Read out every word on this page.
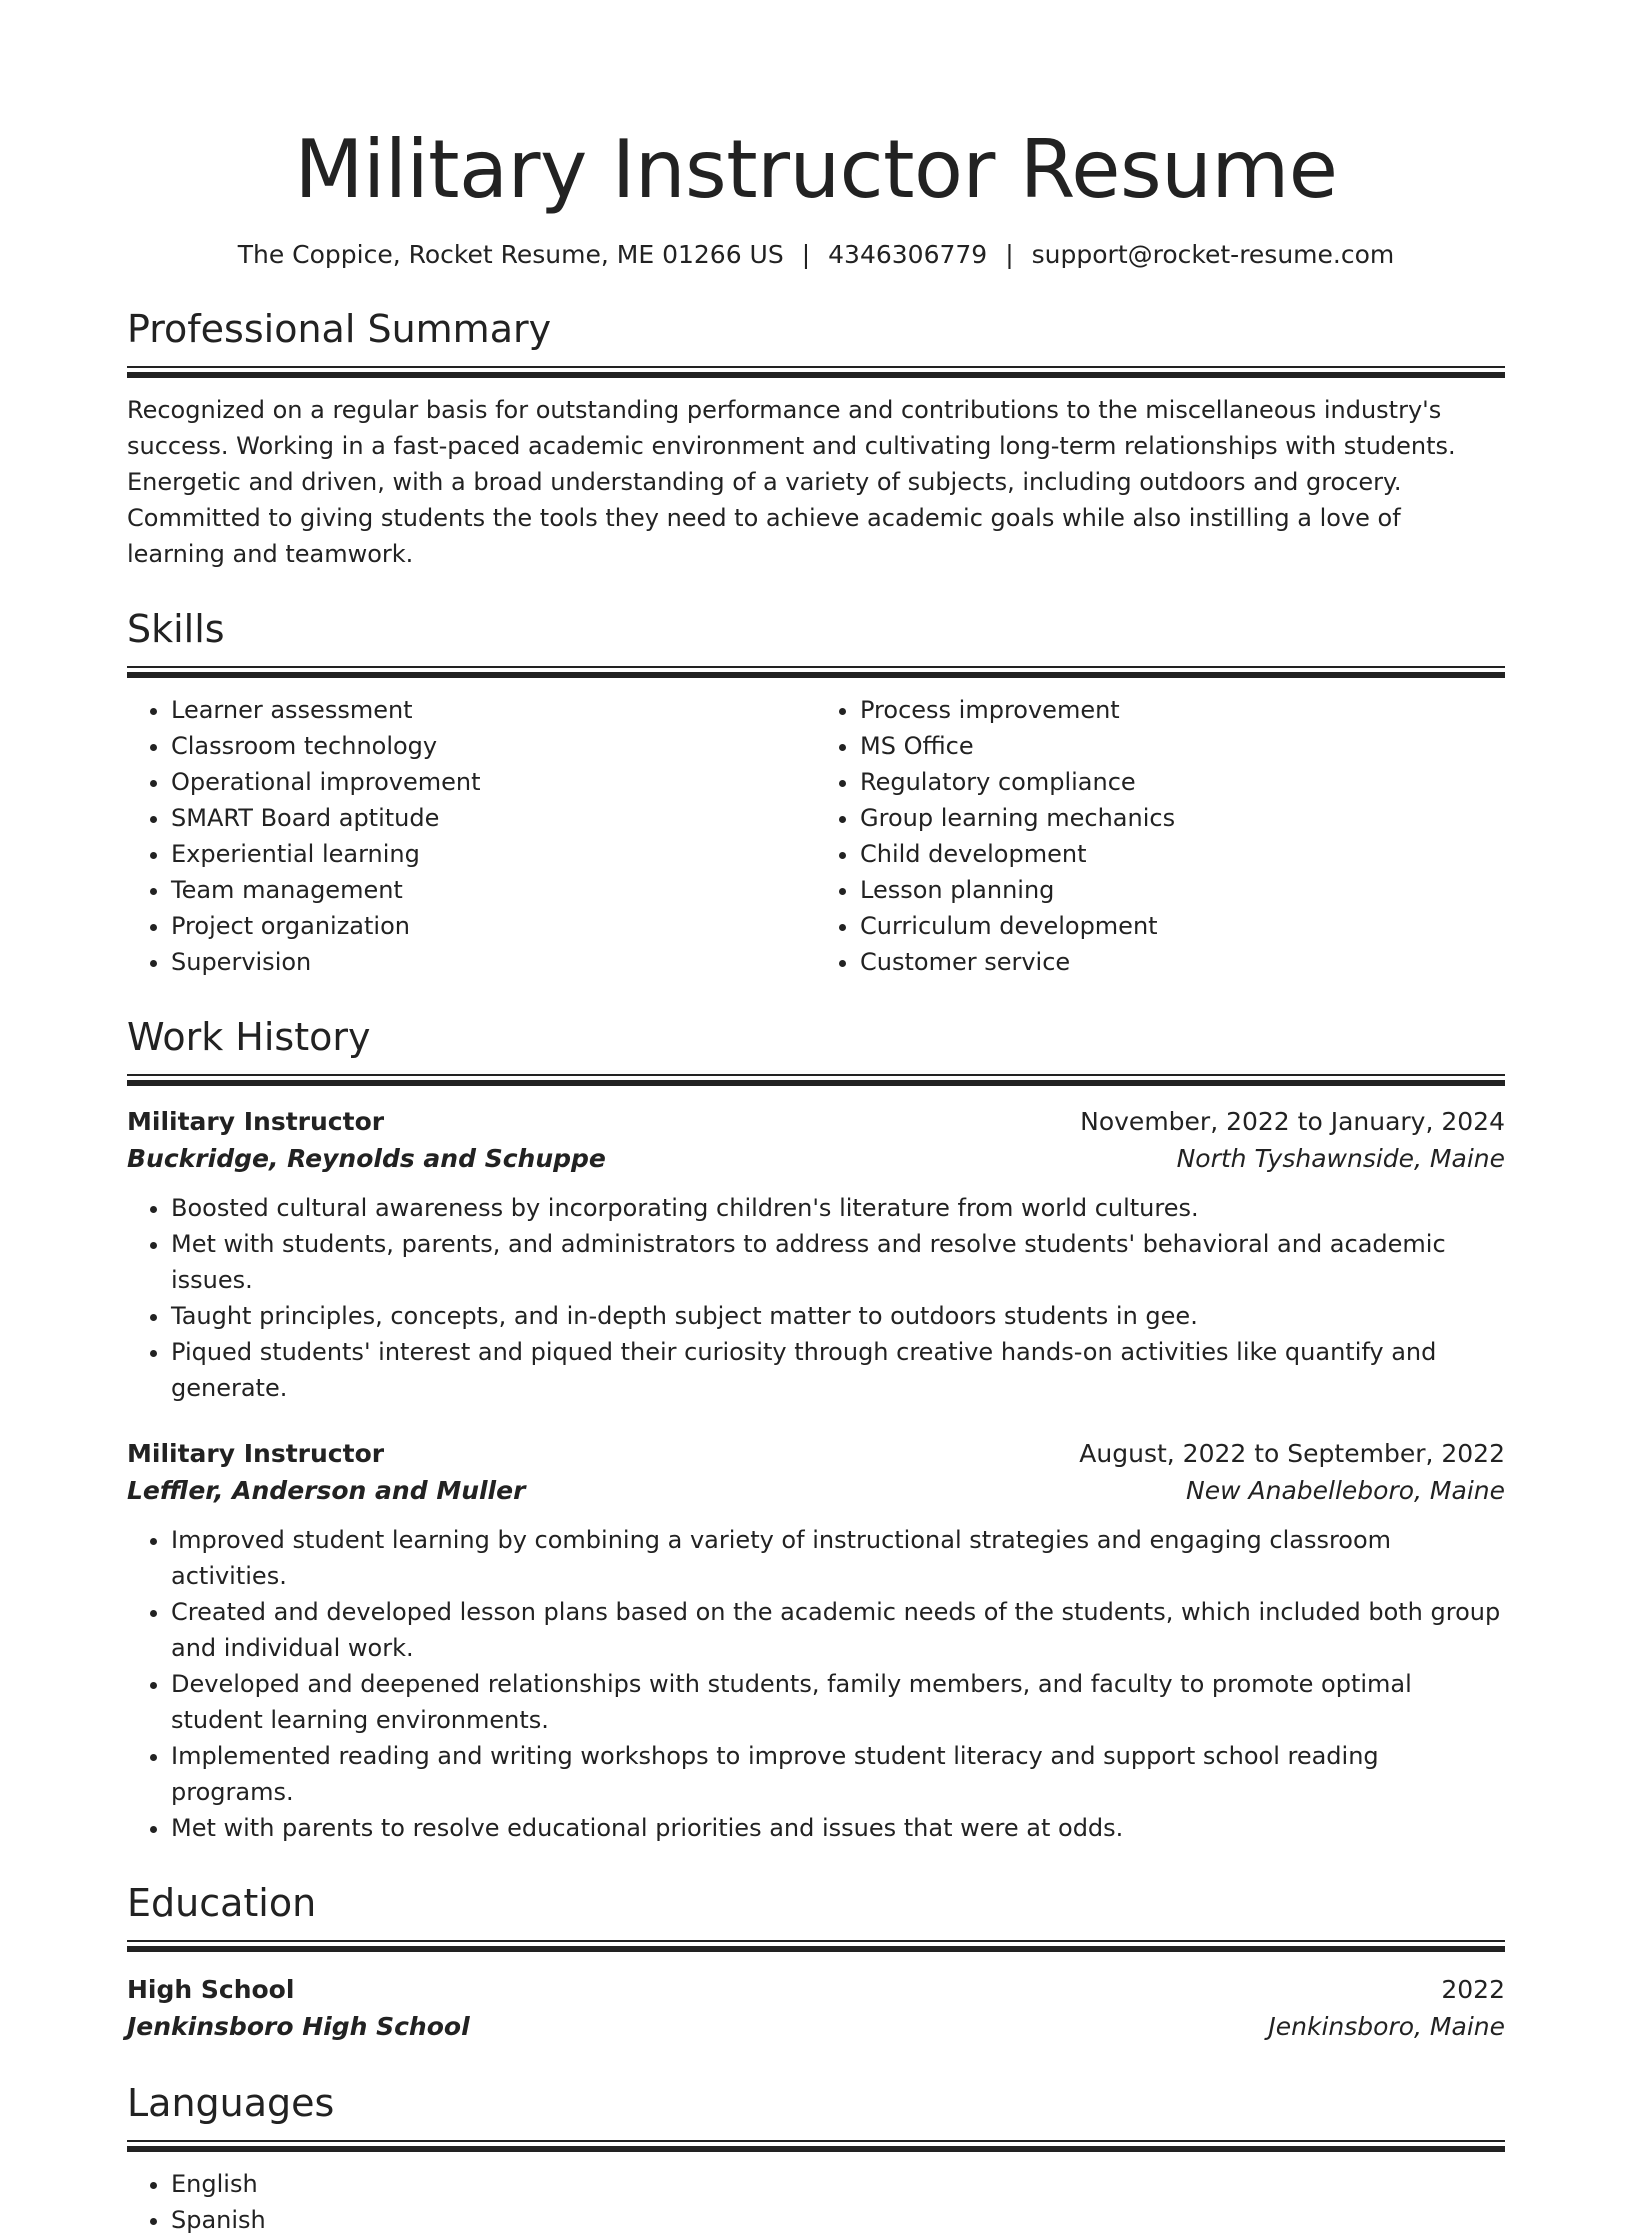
Military Instructor Resume
The Coppice, Rocket Resume, ME 01266 US | 4346306779 | support@rocket-resume.com
Professional Summary

Recognized on a regular basis for outstanding performance and contributions to the miscellaneous industry's success. Working in a fast-paced academic environment and cultivating long-term relationships with students. Energetic and driven, with a broad understanding of a variety of subjects, including outdoors and grocery. Committed to giving students the tools they need to achieve academic goals while also instilling a love of learning and teamwork.

Skills
• Learner assessment
• Classroom technology
• Operational improvement
• SMART Board aptitude
• Experiential learning
• Team management
• Project organization
• Supervision
• Process improvement
• MS Office
• Regulatory compliance
• Group learning mechanics
• Child development
• Lesson planning
• Curriculum development
• Customer service
Work History
Military Instructor	November, 2022 to January, 2024
Buckridge, Reynolds and Schuppe	North Tyshawnside, Maine
• Boosted cultural awareness by incorporating children's literature from world cultures.
• Met with students, parents, and administrators to address and resolve students' behavioral and academic issues.
• Taught principles, concepts, and in-depth subject matter to outdoors students in gee.
• Piqued students' interest and piqued their curiosity through creative hands-on activities like quantify and generate.
Military Instructor	August, 2022 to September, 2022
Leffler, Anderson and Muller	New Anabelleboro, Maine
• Improved student learning by combining a variety of instructional strategies and engaging classroom activities.
• Created and developed lesson plans based on the academic needs of the students, which included both group and individual work.
• Developed and deepened relationships with students, family members, and faculty to promote optimal student learning environments.
• Implemented reading and writing workshops to improve student literacy and support school reading programs.
• Met with parents to resolve educational priorities and issues that were at odds.
Education
High School	2022
Jenkinsboro High School	Jenkinsboro, Maine
Languages
• English
• Spanish
